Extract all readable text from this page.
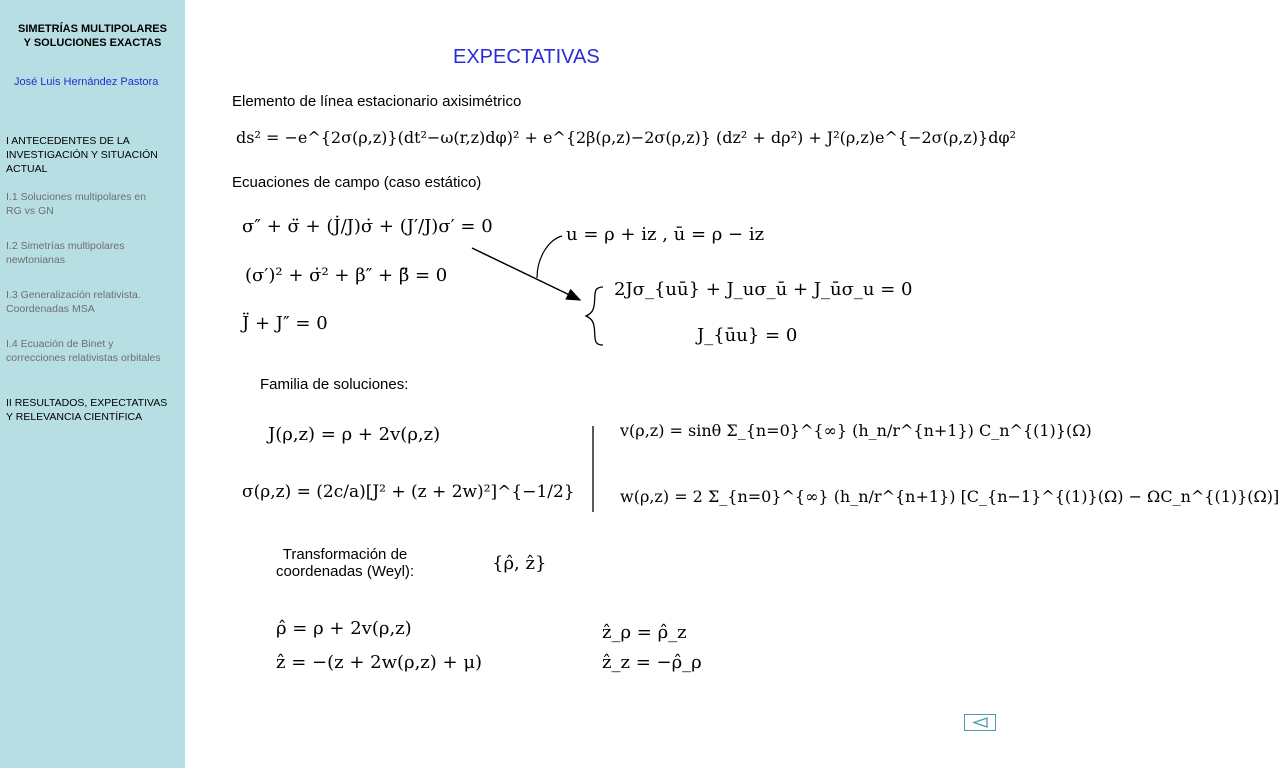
SIMETRÍAS MULTIPOLARES
Y SOLUCIONES EXACTAS
José Luis Hernández Pastora
I ANTECEDENTES DE LA
INVESTIGACIÓN Y SITUACIÓN
ACTUAL
I.1 Soluciones multipolares en
RG vs GN
I.2 Simetrías multipolares
newtonianas
I.3 Generalización relativista.
Coordenadas MSA
I.4 Ecuación de Binet y
correcciones relativistas orbitales
II RESULTADOS, EXPECTATIVAS
Y RELEVANCIA CIENTÍFICA
EXPECTATIVAS
Elemento de línea estacionario axisimétrico
ds² = −e^{2σ(ρ,z)}(dt²−ω(r,z)dφ)² + e^{2β(ρ,z)−2σ(ρ,z)} (dz² + dρ²) + J²(ρ,z)e^{−2σ(ρ,z)}dφ²
Ecuaciones de campo (caso estático)
σ″ + σ̈ + (J̇/J)σ̇ + (J′/J)σ′ = 0
(σ′)² + σ̇² + β″ + β̈ = 0
J̈ + J″ = 0
u = ρ + iz , ū = ρ − iz
2Jσ_{uū} + J_uσ_ū + J_ūσ_u = 0
J_{ūu} = 0
Familia de soluciones:
J(ρ,z) = ρ + 2v(ρ,z)
σ(ρ,z) = (2c/a)[J² + (z + 2w)²]^{−1/2}
v(ρ,z) = sinθ Σ_{n=0}^{∞} (h_n/r^{n+1}) C_n^{(1)}(Ω)
w(ρ,z) = 2 Σ_{n=0}^{∞} (h_n/r^{n+1}) [C_{n−1}^{(1)}(Ω) − ΩC_n^{(1)}(Ω)]
Transformación de
coordenadas (Weyl):	{ρ̂, ẑ}
ρ̂ = ρ + 2v(ρ,z)
ẑ = −(z + 2w(ρ,z) + μ)
ẑ_ρ = ρ̂_z
ẑ_z = −ρ̂_ρ
